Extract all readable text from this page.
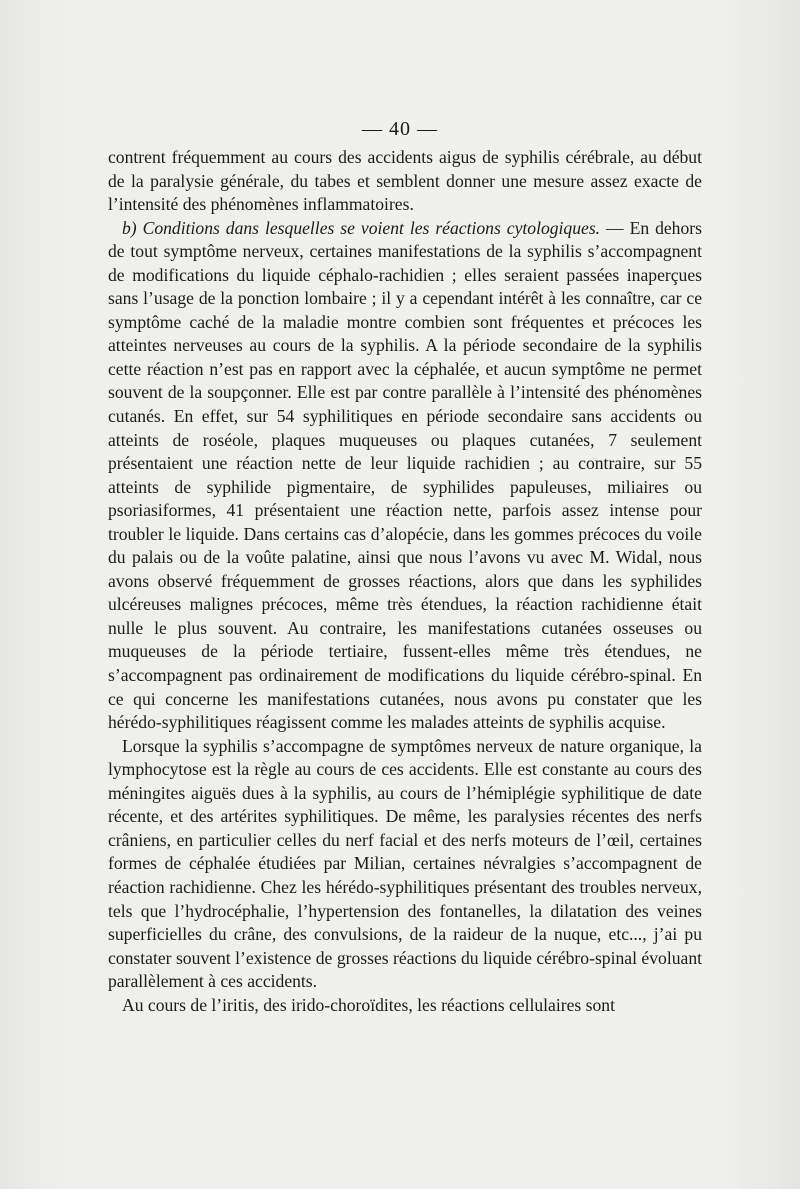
— 40 —

contrent fréquemment au cours des accidents aigus de syphilis cérébrale, au début de la paralysie générale, du tabes et semblent donner une mesure assez exacte de l’intensité des phénomènes inflammatoires.

b) Conditions dans lesquelles se voient les réactions cytologiques. — En dehors de tout symptôme nerveux, certaines manifestations de la syphilis s’accompagnent de modifications du liquide céphalo-rachidien ; elles seraient passées inaperçues sans l’usage de la ponction lombaire ; il y a cependant intérêt à les connaître, car ce symptôme caché de la maladie montre combien sont fréquentes et précoces les atteintes nerveuses au cours de la syphilis. A la période secondaire de la syphilis cette réaction n’est pas en rapport avec la céphalée, et aucun symptôme ne permet souvent de la soupçonner. Elle est par contre parallèle à l’intensité des phénomènes cutanés. En effet, sur 54 syphilitiques en période secondaire sans accidents ou atteints de roséole, plaques muqueuses ou plaques cutanées, 7 seulement présentaient une réaction nette de leur liquide rachidien ; au contraire, sur 55 atteints de syphilide pigmentaire, de syphilides papuleuses, miliaires ou psoriasiformes, 41 présentaient une réaction nette, parfois assez intense pour troubler le liquide. Dans certains cas d’alopécie, dans les gommes précoces du voile du palais ou de la voûte palatine, ainsi que nous l’avons vu avec M. Widal, nous avons observé fréquemment de grosses réactions, alors que dans les syphilides ulcéreuses malignes précoces, même très étendues, la réaction rachidienne était nulle le plus souvent. Au contraire, les manifestations cutanées osseuses ou muqueuses de la période tertiaire, fussent-elles même très étendues, ne s’accompagnent pas ordinairement de modifications du liquide cérébro-spinal. En ce qui concerne les manifestations cutanées, nous avons pu constater que les hérédo-syphilitiques réagissent comme les malades atteints de syphilis acquise.

Lorsque la syphilis s’accompagne de symptômes nerveux de nature organique, la lymphocytose est la règle au cours de ces accidents. Elle est constante au cours des méningites aiguës dues à la syphilis, au cours de l’hémiplégie syphilitique de date récente, et des artérites syphilitiques. De même, les paralysies récentes des nerfs crâniens, en particulier celles du nerf facial et des nerfs moteurs de l’œil, certaines formes de céphalée étudiées par Milian, certaines névralgies s’accompagnent de réaction rachidienne. Chez les hérédo-syphilitiques présentant des troubles nerveux, tels que l’hydrocéphalie, l’hypertension des fontanelles, la dilatation des veines superficielles du crâne, des convulsions, de la raideur de la nuque, etc..., j’ai pu constater souvent l’existence de grosses réactions du liquide cérébro-spinal évoluant parallèlement à ces accidents.

Au cours de l’iritis, des irido-choroïdites, les réactions cellulaires sont
